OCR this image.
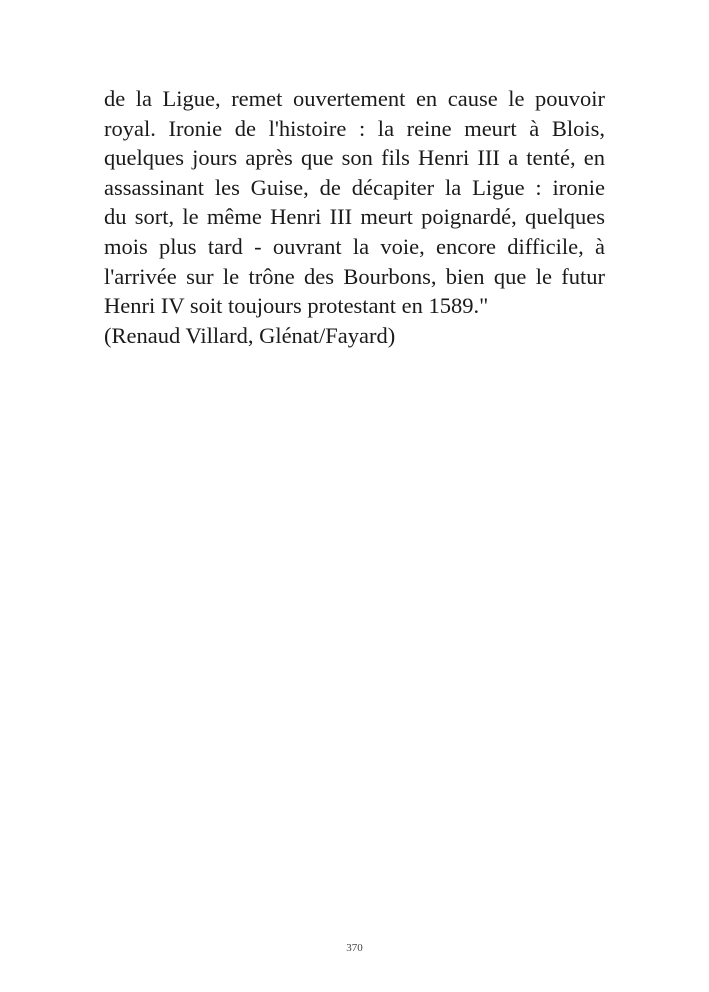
de la Ligue, remet ouvertement en cause le pouvoir
royal. Ironie de l'histoire : la reine meurt à Blois,
quelques jours après que son fils Henri III a tenté, en
assassinant les Guise, de décapiter la Ligue : ironie
du sort, le même Henri III meurt poignardé, quelques
mois plus tard - ouvrant la voie, encore difficile, à
l'arrivée sur le trône des Bourbons, bien que le futur
Henri IV soit toujours protestant en 1589."
(Renaud Villard, Glénat/Fayard)
370
